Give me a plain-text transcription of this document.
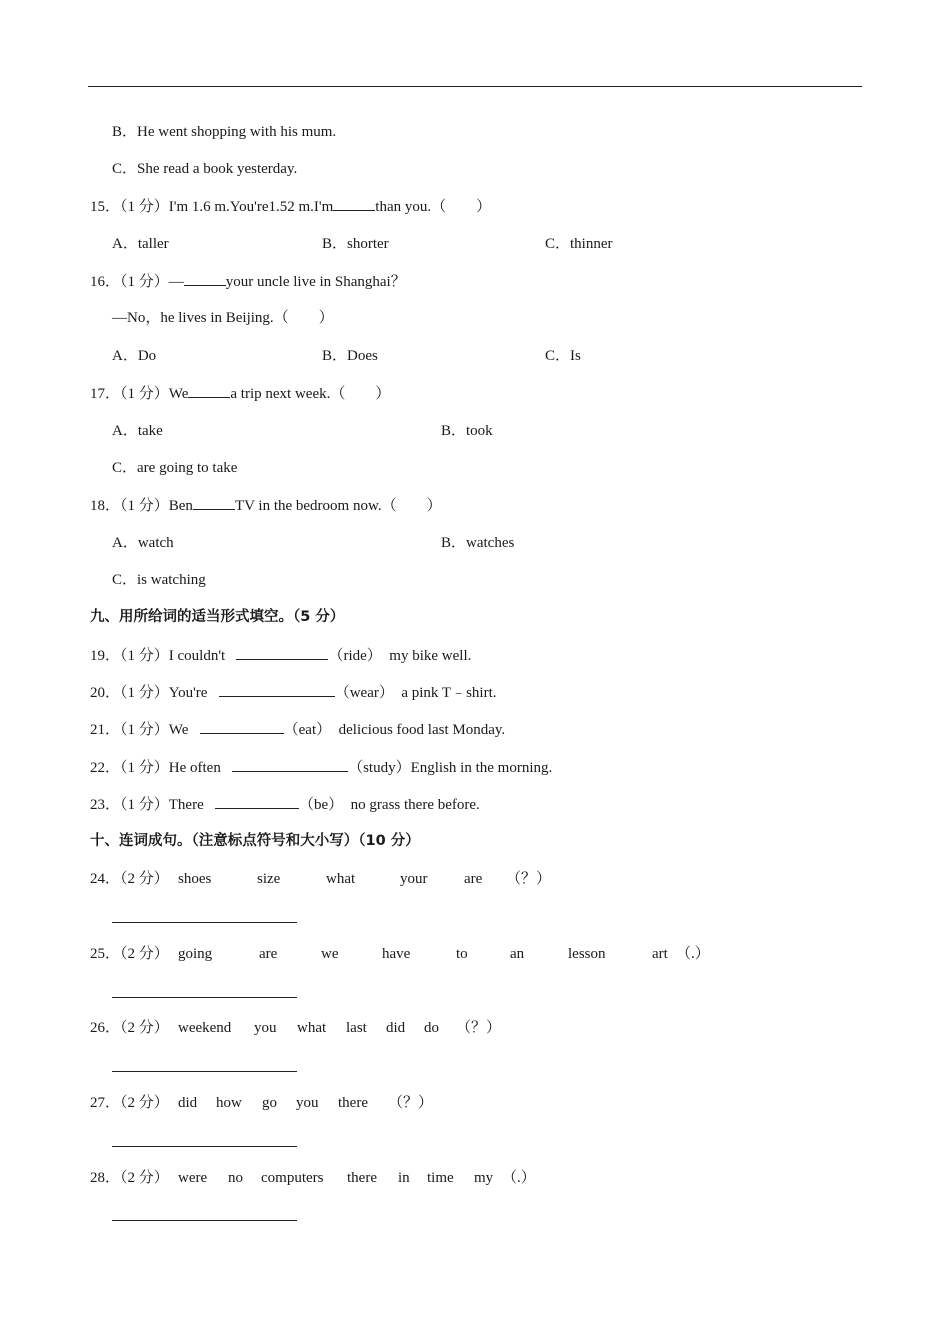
B．He went shopping with his mum.
C．She read a book yesterday.
15．（1 分）I'm 1.6 m.You're1.52 m.I'm	than you.（　　）
A．taller	B．shorter	C．thinner
16．（1 分）—	your uncle live in Shanghai？
—No，he lives in Beijing.（　　）
A．Do	B．Does	C．Is
17．（1 分）We	a trip next week.（　　）
A．take	B．took
C．are going to take
18．（1 分）Ben	TV in the bedroom now.（　　）
A．watch	B．watches
C．is watching
九、用所给词的适当形式填空。（5 分）
19．（1 分）I couldn't	（ride） my bike well.
20．（1 分）You're	（wear） a pink T﹣shirt.
21．（1 分）We	（eat） delicious food last Monday.
22．（1 分）He often	（study）English in the morning.
23．（1 分）There	（be） no grass there before.
十、连词成句。（注意标点符号和大小写）（10 分）
24．（2 分） shoes	size	what	your are （？）
25．（2 分） going	are	we	have	to	an	lesson	art （.）
26．（2 分） weekend you what last did do （？）
27．（2 分） did how go you there （？）
28．（2 分） were no computers there in time my （.）
